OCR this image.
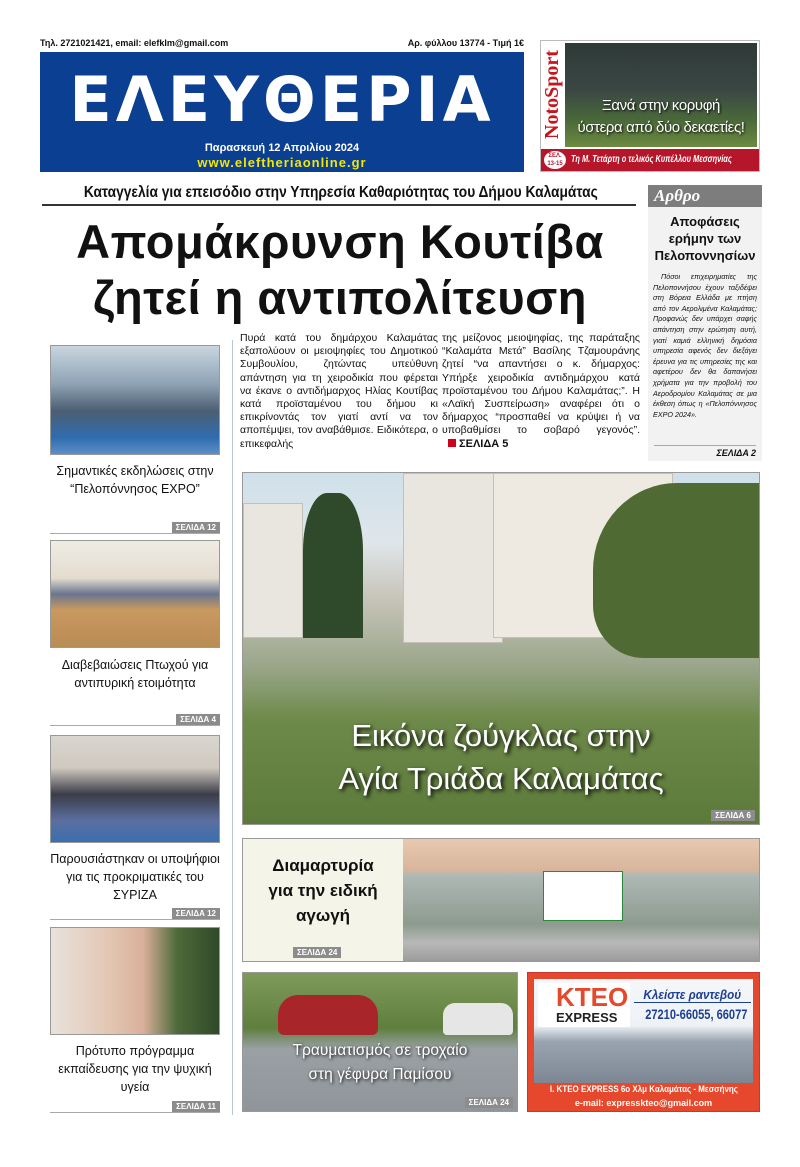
Τηλ. 2721021421, email: elefklm@gmail.com	Αρ. φύλλου 13774 - Τιμή 1€
ΕΛΕΥΘΕΡΙΑ
Παρασκευή 12 Απριλίου 2024
www.eleftheriaonline.gr
NotoSport	Ξανά στην κορυφή
ύστερα από δύο δεκαετίες!
ΣΕΛ. 13-15 Τη Μ. Τετάρτη ο τελικός Κυπέλλου Μεσσηνίας
Καταγγελία για επεισόδιο στην Υπηρεσία Καθαριότητας του Δήμου Καλαμάτας
Απομάκρυνση Κουτίβα
ζητεί η αντιπολίτευση
Αρθρο
Αποφάσεις ερήμην των Πελοποννησίων
Πόσοι επιχειρηματίες της Πελοποννήσου έχουν ταξιδέψει στη Βόρεια Ελλάδα με πτήση από τον Αερολιμένα Καλαμάτας; Προφανώς δεν υπάρχει σαφής απάντηση στην ερώτηση αυτή, γιατί καμιά ελληνική δημόσια υπηρεσία αφενός δεν διεξάγει έρευνα για τις υπηρεσίες της και αφετέρου δεν θα δαπανήσει χρήματα για την προβολή του Αεροδρομίου Καλαμάτας σε μια έκθεση όπως η «Πελοπόννησος EXPO 2024».
ΣΕΛΙΔΑ 2
Σημαντικές εκδηλώσεις στην “Πελοπόννησος EXPO”
ΣΕΛΙΔΑ 12
Διαβεβαιώσεις Πτωχού για αντιπυρική ετοιμότητα
ΣΕΛΙΔΑ 4
Παρουσιάστηκαν οι υποψήφιοι για τις προκριματικές του ΣΥΡΙΖΑ
ΣΕΛΙΔΑ 12
Πρότυπο πρόγραμμα εκπαίδευσης για την ψυχική υγεία
ΣΕΛΙΔΑ 11
Πυρά κατά του δημάρχου Καλαμάτας εξαπολύουν οι μειοψηφίες του Δημοτικού Συμβουλίου, ζητώντας υπεύθυνη απάντηση για τη χειροδικία που φέρεται να έκανε ο αντιδήμαρχος Ηλίας Κουτίβας κατά προϊσταμένου του δήμου κι επικρίνοντάς τον γιατί αντί να τον αποπέμψει, τον αναβάθμισε. Ειδικότερα, ο επικεφαλής
της μείζονος μειοψηφίας, της παράταξης “Καλαμάτα Μετά” Βασίλης Τζαμουράνης ζητεί “να απαντήσει ο κ. δήμαρχος: Υπήρξε χειροδικία αντιδημάρχου κατά προϊσταμένου του Δήμου Καλαμάτας;”. Η «Λαϊκή Συσπείρωση» αναφέρει ότι ο δήμαρχος “προσπαθεί να κρύψει ή να υποβαθμίσει το σοβαρό γεγονός”. ΣΕΛΙΔΑ 5
Εικόνα ζούγκλας στην
Αγία Τριάδα Καλαμάτας
ΣΕΛΙΔΑ 6
Διαμαρτυρία για την ειδική αγωγή
ΣΕΛΙΔΑ 24
Τραυματισμός σε τροχαίο
στη γέφυρα Παμίσου
ΣΕΛΙΔΑ 24
ΚΤΕΟ
EXPRESS
Κλείστε ραντεβού
27210-66055, 66077
Ι. ΚΤΕΟ EXPRESS 6ο Χλμ Καλαμάτας - Μεσσήνης
e-mail: expressktеo@gmail.com
